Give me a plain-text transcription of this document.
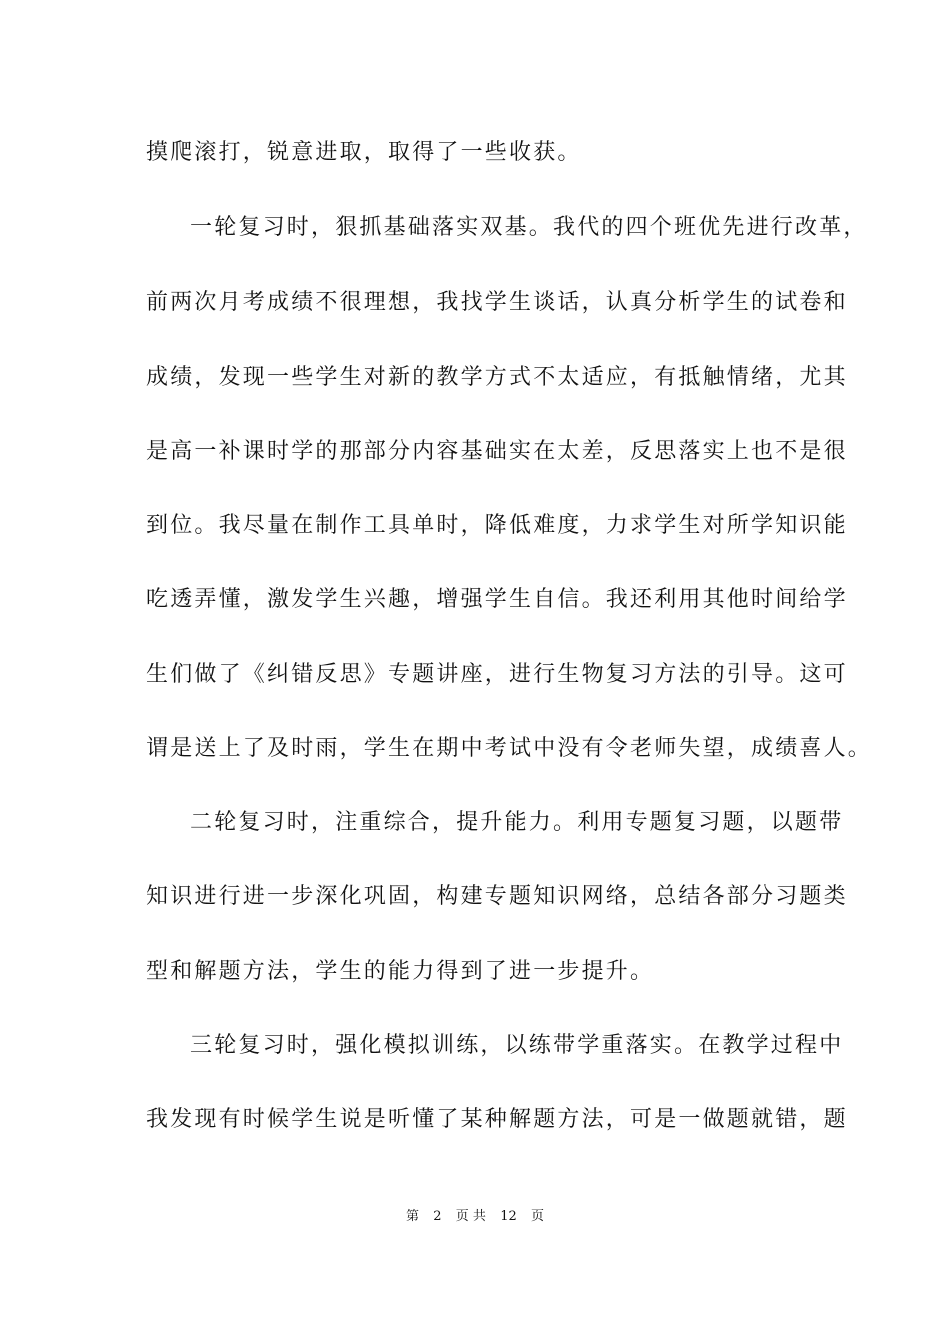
摸爬滚打，锐意进取，取得了一些收获。
一轮复习时，狠抓基础落实双基。我代的四个班优先进行改革，
前两次月考成绩不很理想，我找学生谈话，认真分析学生的试卷和
成绩，发现一些学生对新的教学方式不太适应，有抵触情绪，尤其
是高一补课时学的那部分内容基础实在太差，反思落实上也不是很
到位。我尽量在制作工具单时，降低难度，力求学生对所学知识能
吃透弄懂，激发学生兴趣，增强学生自信。我还利用其他时间给学
生们做了《纠错反思》专题讲座，进行生物复习方法的引导。这可
谓是送上了及时雨，学生在期中考试中没有令老师失望，成绩喜人。
二轮复习时，注重综合，提升能力。利用专题复习题，以题带
知识进行进一步深化巩固，构建专题知识网络，总结各部分习题类
型和解题方法，学生的能力得到了进一步提升。
三轮复习时，强化模拟训练，以练带学重落实。在教学过程中
我发现有时候学生说是听懂了某种解题方法，可是一做题就错，题
第 2 页 共 12 页
